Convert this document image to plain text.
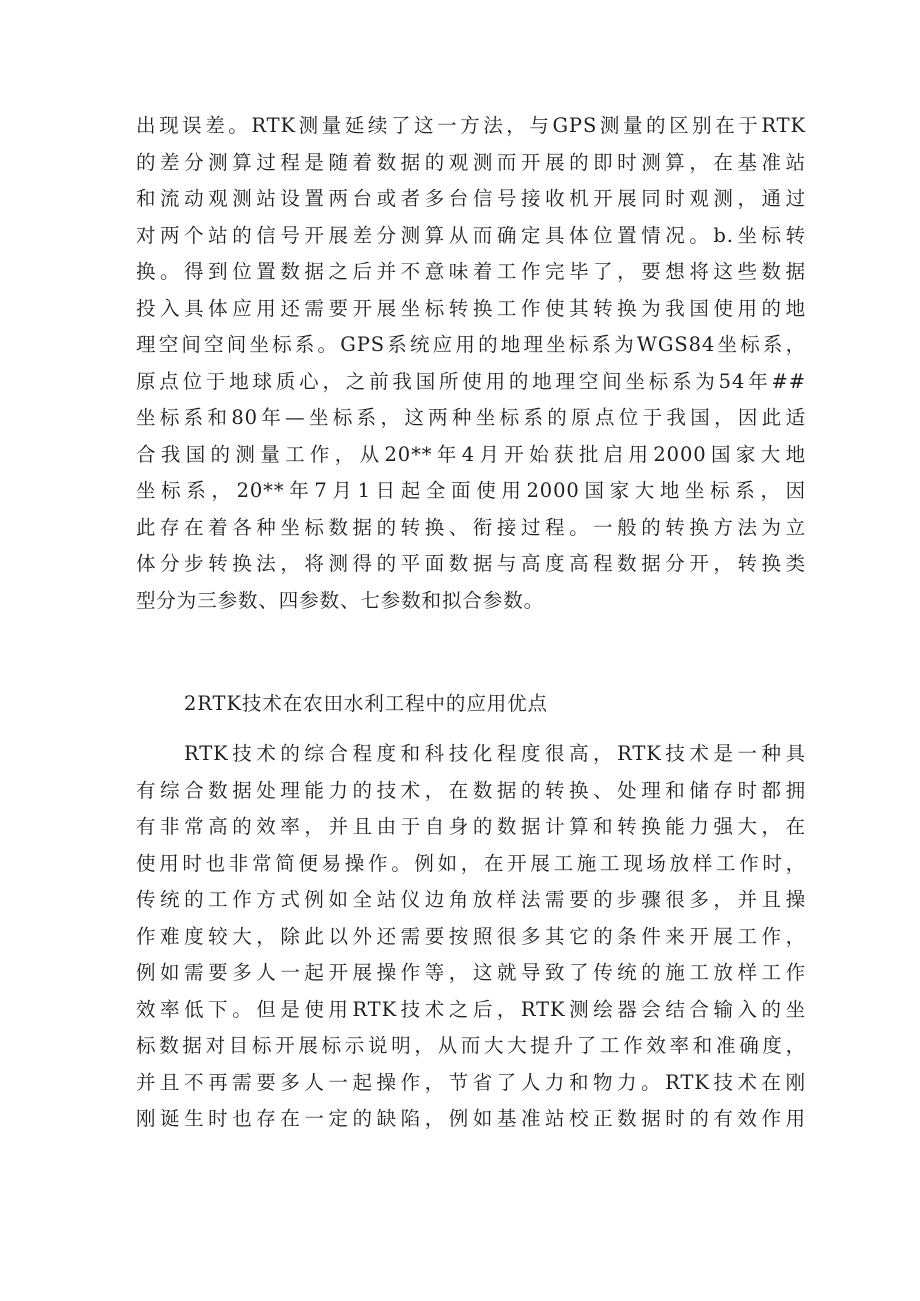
出现误差。RTK测量延续了这一方法，与GPS测量的区别在于RTK
的差分测算过程是随着数据的观测而开展的即时测算，在基准站
和流动观测站设置两台或者多台信号接收机开展同时观测，通过
对两个站的信号开展差分测算从而确定具体位置情况。b.坐标转
换。得到位置数据之后并不意味着工作完毕了，要想将这些数据
投入具体应用还需要开展坐标转换工作使其转换为我国使用的地
理空间空间坐标系。GPS系统应用的地理坐标系为WGS84坐标系，
原点位于地球质心，之前我国所使用的地理空间坐标系为54年##
坐标系和80年—坐标系，这两种坐标系的原点位于我国，因此适
合我国的测量工作，从20**年4月开始获批启用2000国家大地
坐标系，20**年7月1日起全面使用2000国家大地坐标系，因
此存在着各种坐标数据的转换、衔接过程。一般的转换方法为立
体分步转换法，将测得的平面数据与高度高程数据分开，转换类
型分为三参数、四参数、七参数和拟合参数。
2RTK技术在农田水利工程中的应用优点
RTK技术的综合程度和科技化程度很高，RTK技术是一种具
有综合数据处理能力的技术，在数据的转换、处理和储存时都拥
有非常高的效率，并且由于自身的数据计算和转换能力强大，在
使用时也非常简便易操作。例如，在开展工施工现场放样工作时，
传统的工作方式例如全站仪边角放样法需要的步骤很多，并且操
作难度较大，除此以外还需要按照很多其它的条件来开展工作，
例如需要多人一起开展操作等，这就导致了传统的施工放样工作
效率低下。但是使用RTK技术之后，RTK测绘器会结合输入的坐
标数据对目标开展标示说明，从而大大提升了工作效率和准确度，
并且不再需要多人一起操作，节省了人力和物力。RTK技术在刚
刚诞生时也存在一定的缺陷，例如基准站校正数据时的有效作用
